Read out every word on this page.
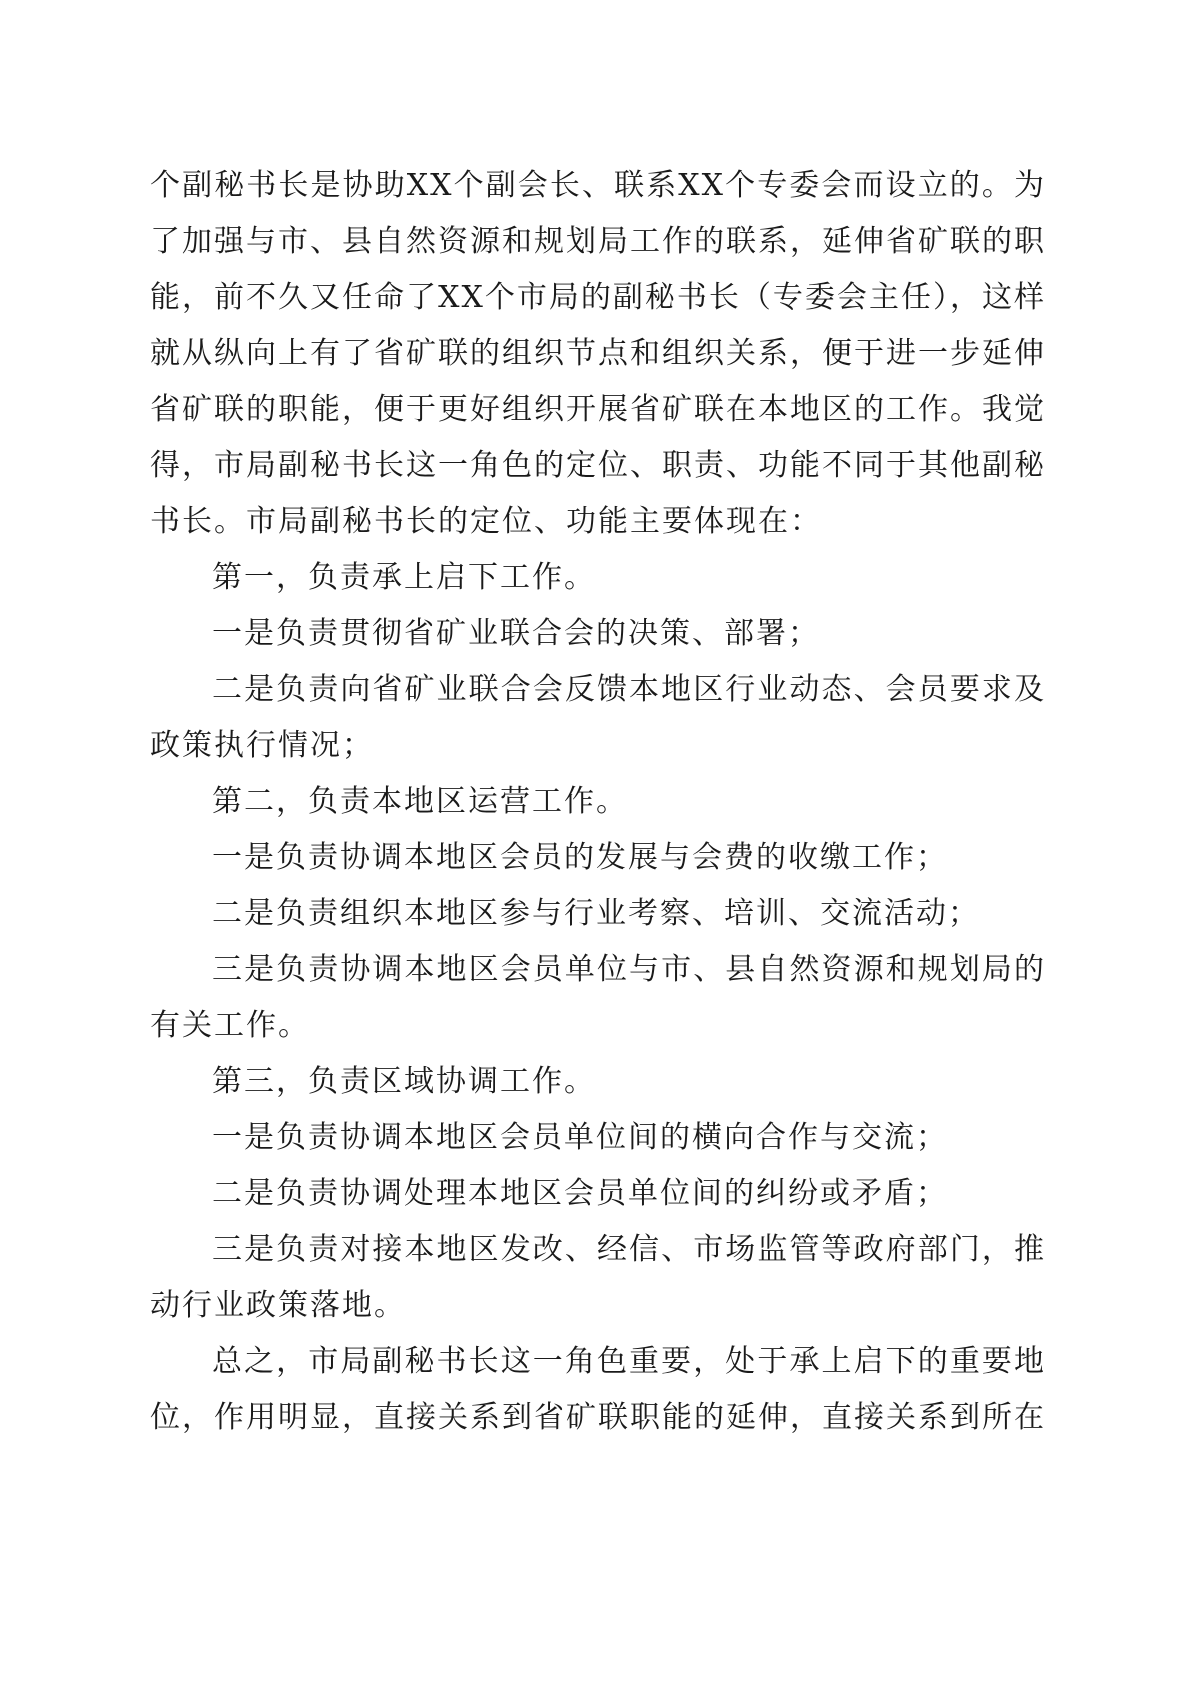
个副秘书长是协助XX个副会长、联系XX个专委会而设立的。为了加强与市、县自然资源和规划局工作的联系，延伸省矿联的职能，前不久又任命了XX个市局的副秘书长（专委会主任），这样就从纵向上有了省矿联的组织节点和组织关系，便于进一步延伸省矿联的职能，便于更好组织开展省矿联在本地区的工作。我觉得，市局副秘书长这一角色的定位、职责、功能不同于其他副秘书长。市局副秘书长的定位、功能主要体现在：

第一，负责承上启下工作。

一是负责贯彻省矿业联合会的决策、部署；

二是负责向省矿业联合会反馈本地区行业动态、会员要求及政策执行情况；

第二，负责本地区运营工作。

一是负责协调本地区会员的发展与会费的收缴工作；

二是负责组织本地区参与行业考察、培训、交流活动；

三是负责协调本地区会员单位与市、县自然资源和规划局的有关工作。

第三，负责区域协调工作。

一是负责协调本地区会员单位间的横向合作与交流；

二是负责协调处理本地区会员单位间的纠纷或矛盾；

三是负责对接本地区发改、经信、市场监管等政府部门，推动行业政策落地。

总之，市局副秘书长这一角色重要，处于承上启下的重要地位，作用明显，直接关系到省矿联职能的延伸，直接关系到所在
